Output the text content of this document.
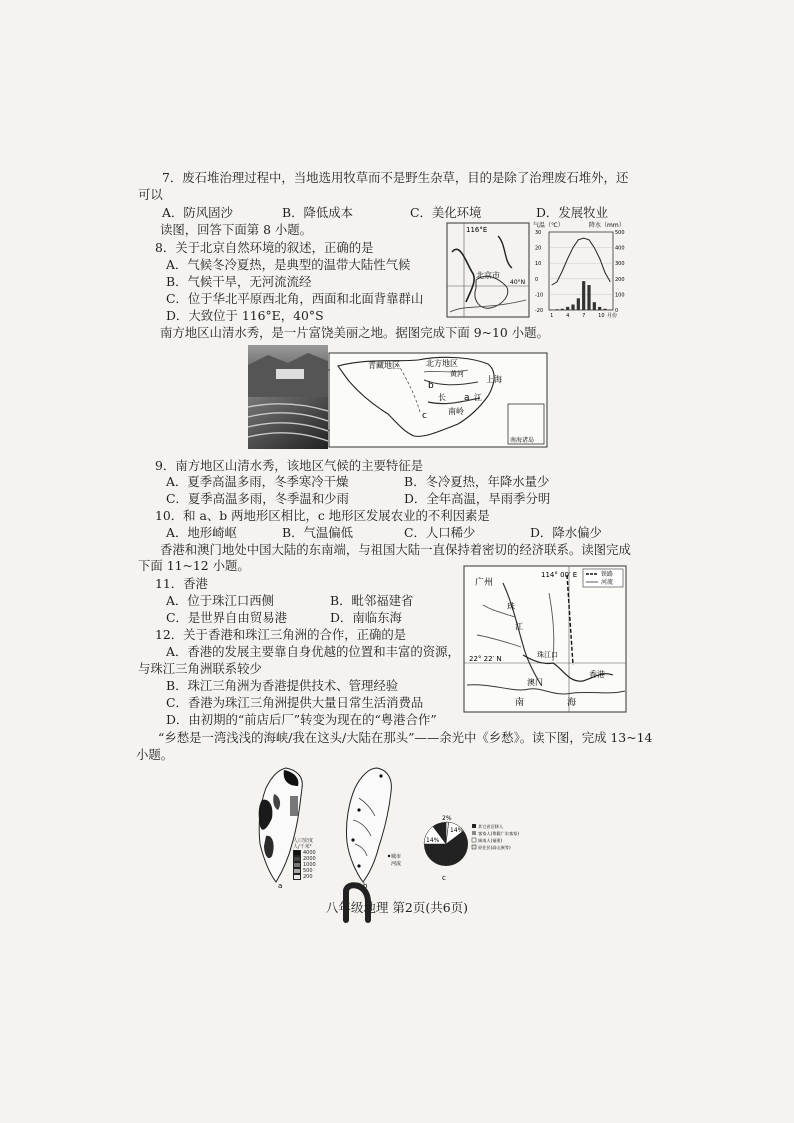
7．废石堆治理过程中，当地选用牧草而不是野生杂草，目的是除了治理废石堆外，还
可以
A．防风固沙	B．降低成本	C．美化环境	D．发展牧业
读图，回答下面第 8 小题。
8．关于北京自然环境的叙述，正确的是
A．气候冬冷夏热，是典型的温带大陆性气候
B．气候干旱，无河流流经
C．位于华北平原西北角，西面和北面背靠群山
D．大致位于 116°E，40°S
116°E
40°N
北京市
气温（℃）	降水（mm）
30
20
10
0
-10
-20
500
400
300
200
100
0
1	4	7	10 月份
南方地区山清水秀，是一片富饶美丽之地。据图完成下面 9~10 小题。
青藏地区	北方地区
黄河
上海
b
a
长	江
南岭
c
南海诸岛
9．南方地区山清水秀，该地区气候的主要特征是
A．夏季高温多雨，冬季寒冷干燥	B．冬冷夏热，年降水量少
C．夏季高温多雨，冬季温和少雨	D．全年高温，旱雨季分明
10．和 a、b 两地形区相比，c 地形区发展农业的不利因素是
A．地形崎岖	B．气温偏低	C．人口稀少	D．降水偏少
香港和澳门地处中国大陆的东南端，与祖国大陆一直保持着密切的经济联系。读图完成
下面 11~12 小题。
11．香港
A．位于珠江口西侧	B．毗邻福建省
C．是世界自由贸易港	D．南临东海
12．关于香港和珠江三角洲的合作，正确的是
A．香港的发展主要靠自身优越的位置和丰富的资源，
与珠江三角洲联系较少
B．珠江三角洲为香港提供技术、管理经验
C．香港为珠江三角洲提供大量日常生活消费品
D．由初期的“前店后厂”转变为现在的“粤港合作”
铁路
河流
114° 00′ E
广州
珠
江
22° 22′ N	珠江口
澳门
香港
南	海
“乡愁是一湾浅浅的海峡/我在这头/大陆在那头”——余光中《乡愁》。读下图，完成 13~14
小题。
a
人口密度
人/千米²
4000
2000
1000
500
200
b
城市
河流
2%
14%
14%
其它省区移入
客家人(粤籍广东客家)
闽南人(福建)
原住民(高山族等)
c
八年级地理 第2页(共6页)
